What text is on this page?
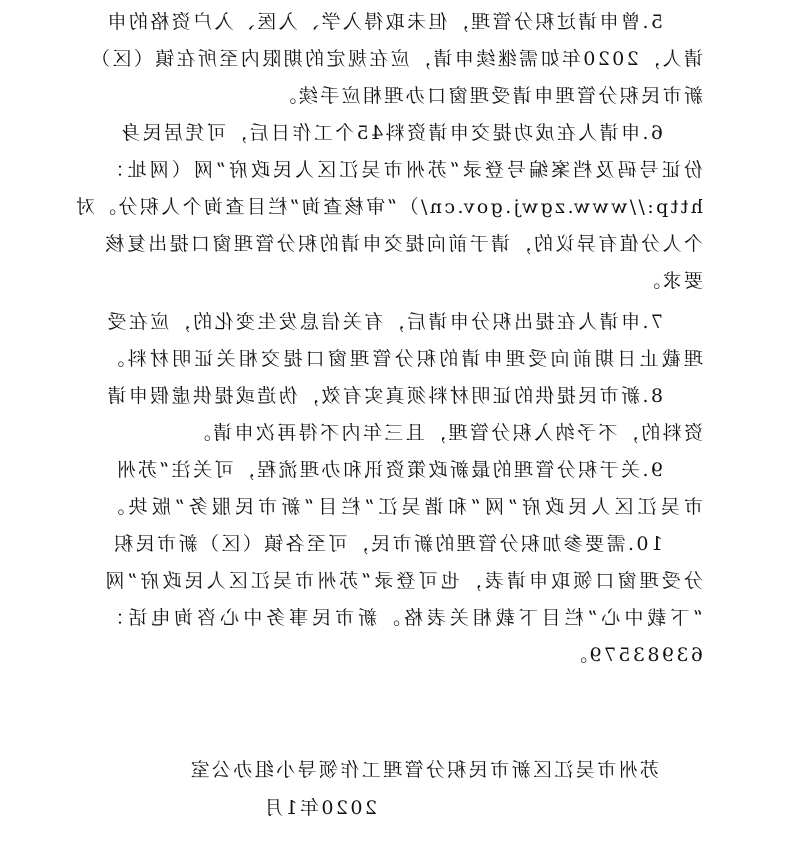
5.曾申请过积分管理，但未取得入学、入医、入户资格的申
请人，2020年如需继续申请，应在规定的期限内至所在镇（区）
新市民积分管理申请受理窗口办理相应手续。
6.申请人在成功提交申请资料45个工作日后，可凭居民身
份证号码及档案编号登录“苏州市吴江区人民政府”网（网址：
http://www.zgwj.gov.cn/）“审核查询”栏目查询个人积分。对
个人分值有异议的，请于前向提交申请的积分管理窗口提出复核
要求。
7.申请人在提出积分申请后，有关信息发生变化的，应在受
理截止日期前向受理申请的积分管理窗口提交相关证明材料。
8.新市民提供的证明材料须真实有效，伪造或提供虚假申请
资料的，不予纳入积分管理，且三年内不得再次申请。
9.关于积分管理的最新政策资讯和办理流程，可关注“苏州
市吴江区人民政府”网“和谐吴江”栏目“新市民服务”版块。
10.需要参加积分管理的新市民，可至各镇（区）新市民积
分受理窗口领取申请表，也可登录“苏州市吴江区人民政府”网
“下载中心”栏目下载相关表格。新市民事务中心咨询电话：
63983579。
苏州市吴江区新市民积分管理工作领导小组办公室
2020年1月
